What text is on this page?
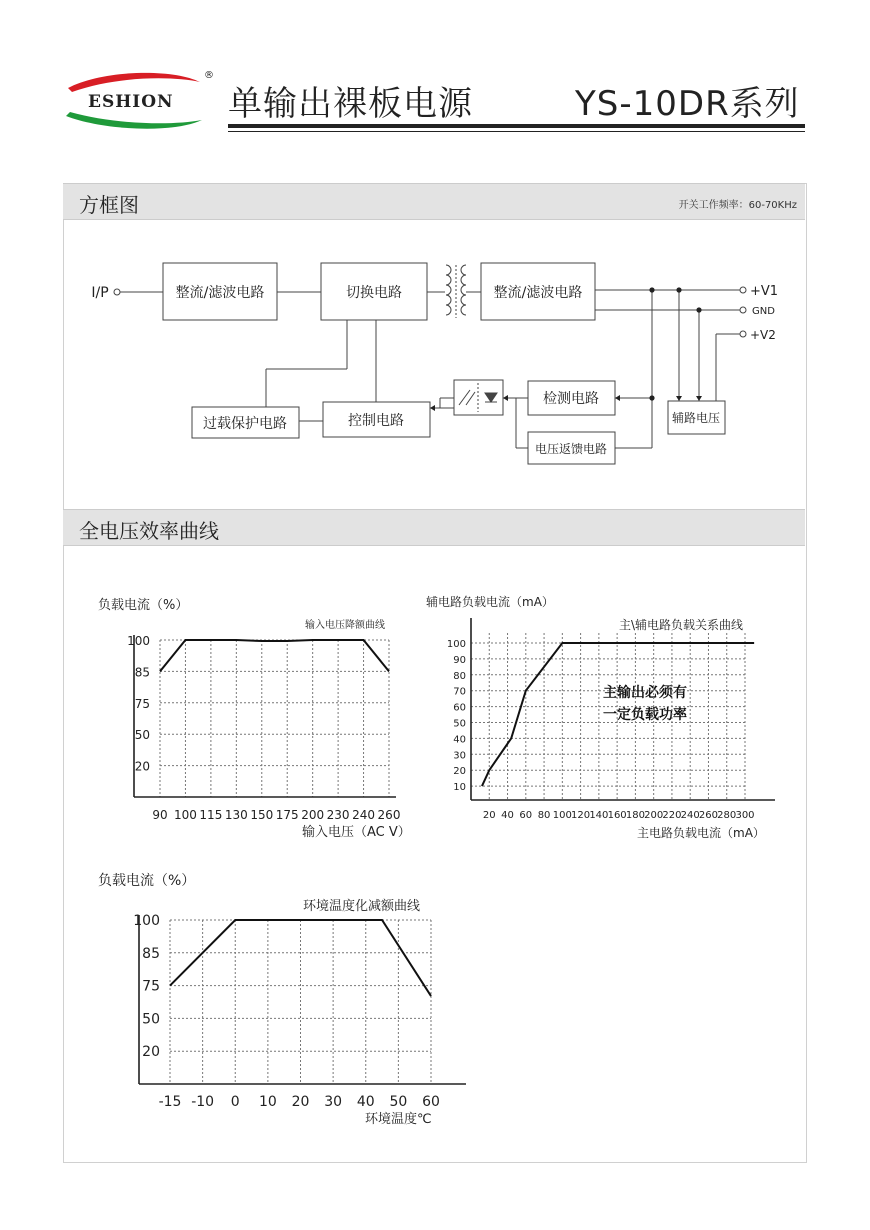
ESHION
®
单输出裸板电源	YS-10DR系列
方框图	开关工作频率：60-70KHz
I/P	整流/滤波电路	切换电路	整流/滤波电路
过载保护电路	控制电路
检测电路
电压返馈电路
辅路电压
+V1
GND
+V2
全电压效率曲线
负载电流（%）
输入电压降额曲线
输入电压（AC V）
20
50
75
85
100
90 100 115 130 150 175 200 230 240 260
辅电路负载电流（mA）
主\辅电路负载关系曲线
主电路负载电流（mA）
主输出必须有
一定负载功率
20 40 60 80 100 120 140 160 180 200 220 240 260 280 300
10
20
30
40
50
60
70
80
90
100
负载电流（%）
环境温度化减额曲线
环境温度℃
20
50
75
85
100
-15 -10 0 10 20 30 40 50 60
